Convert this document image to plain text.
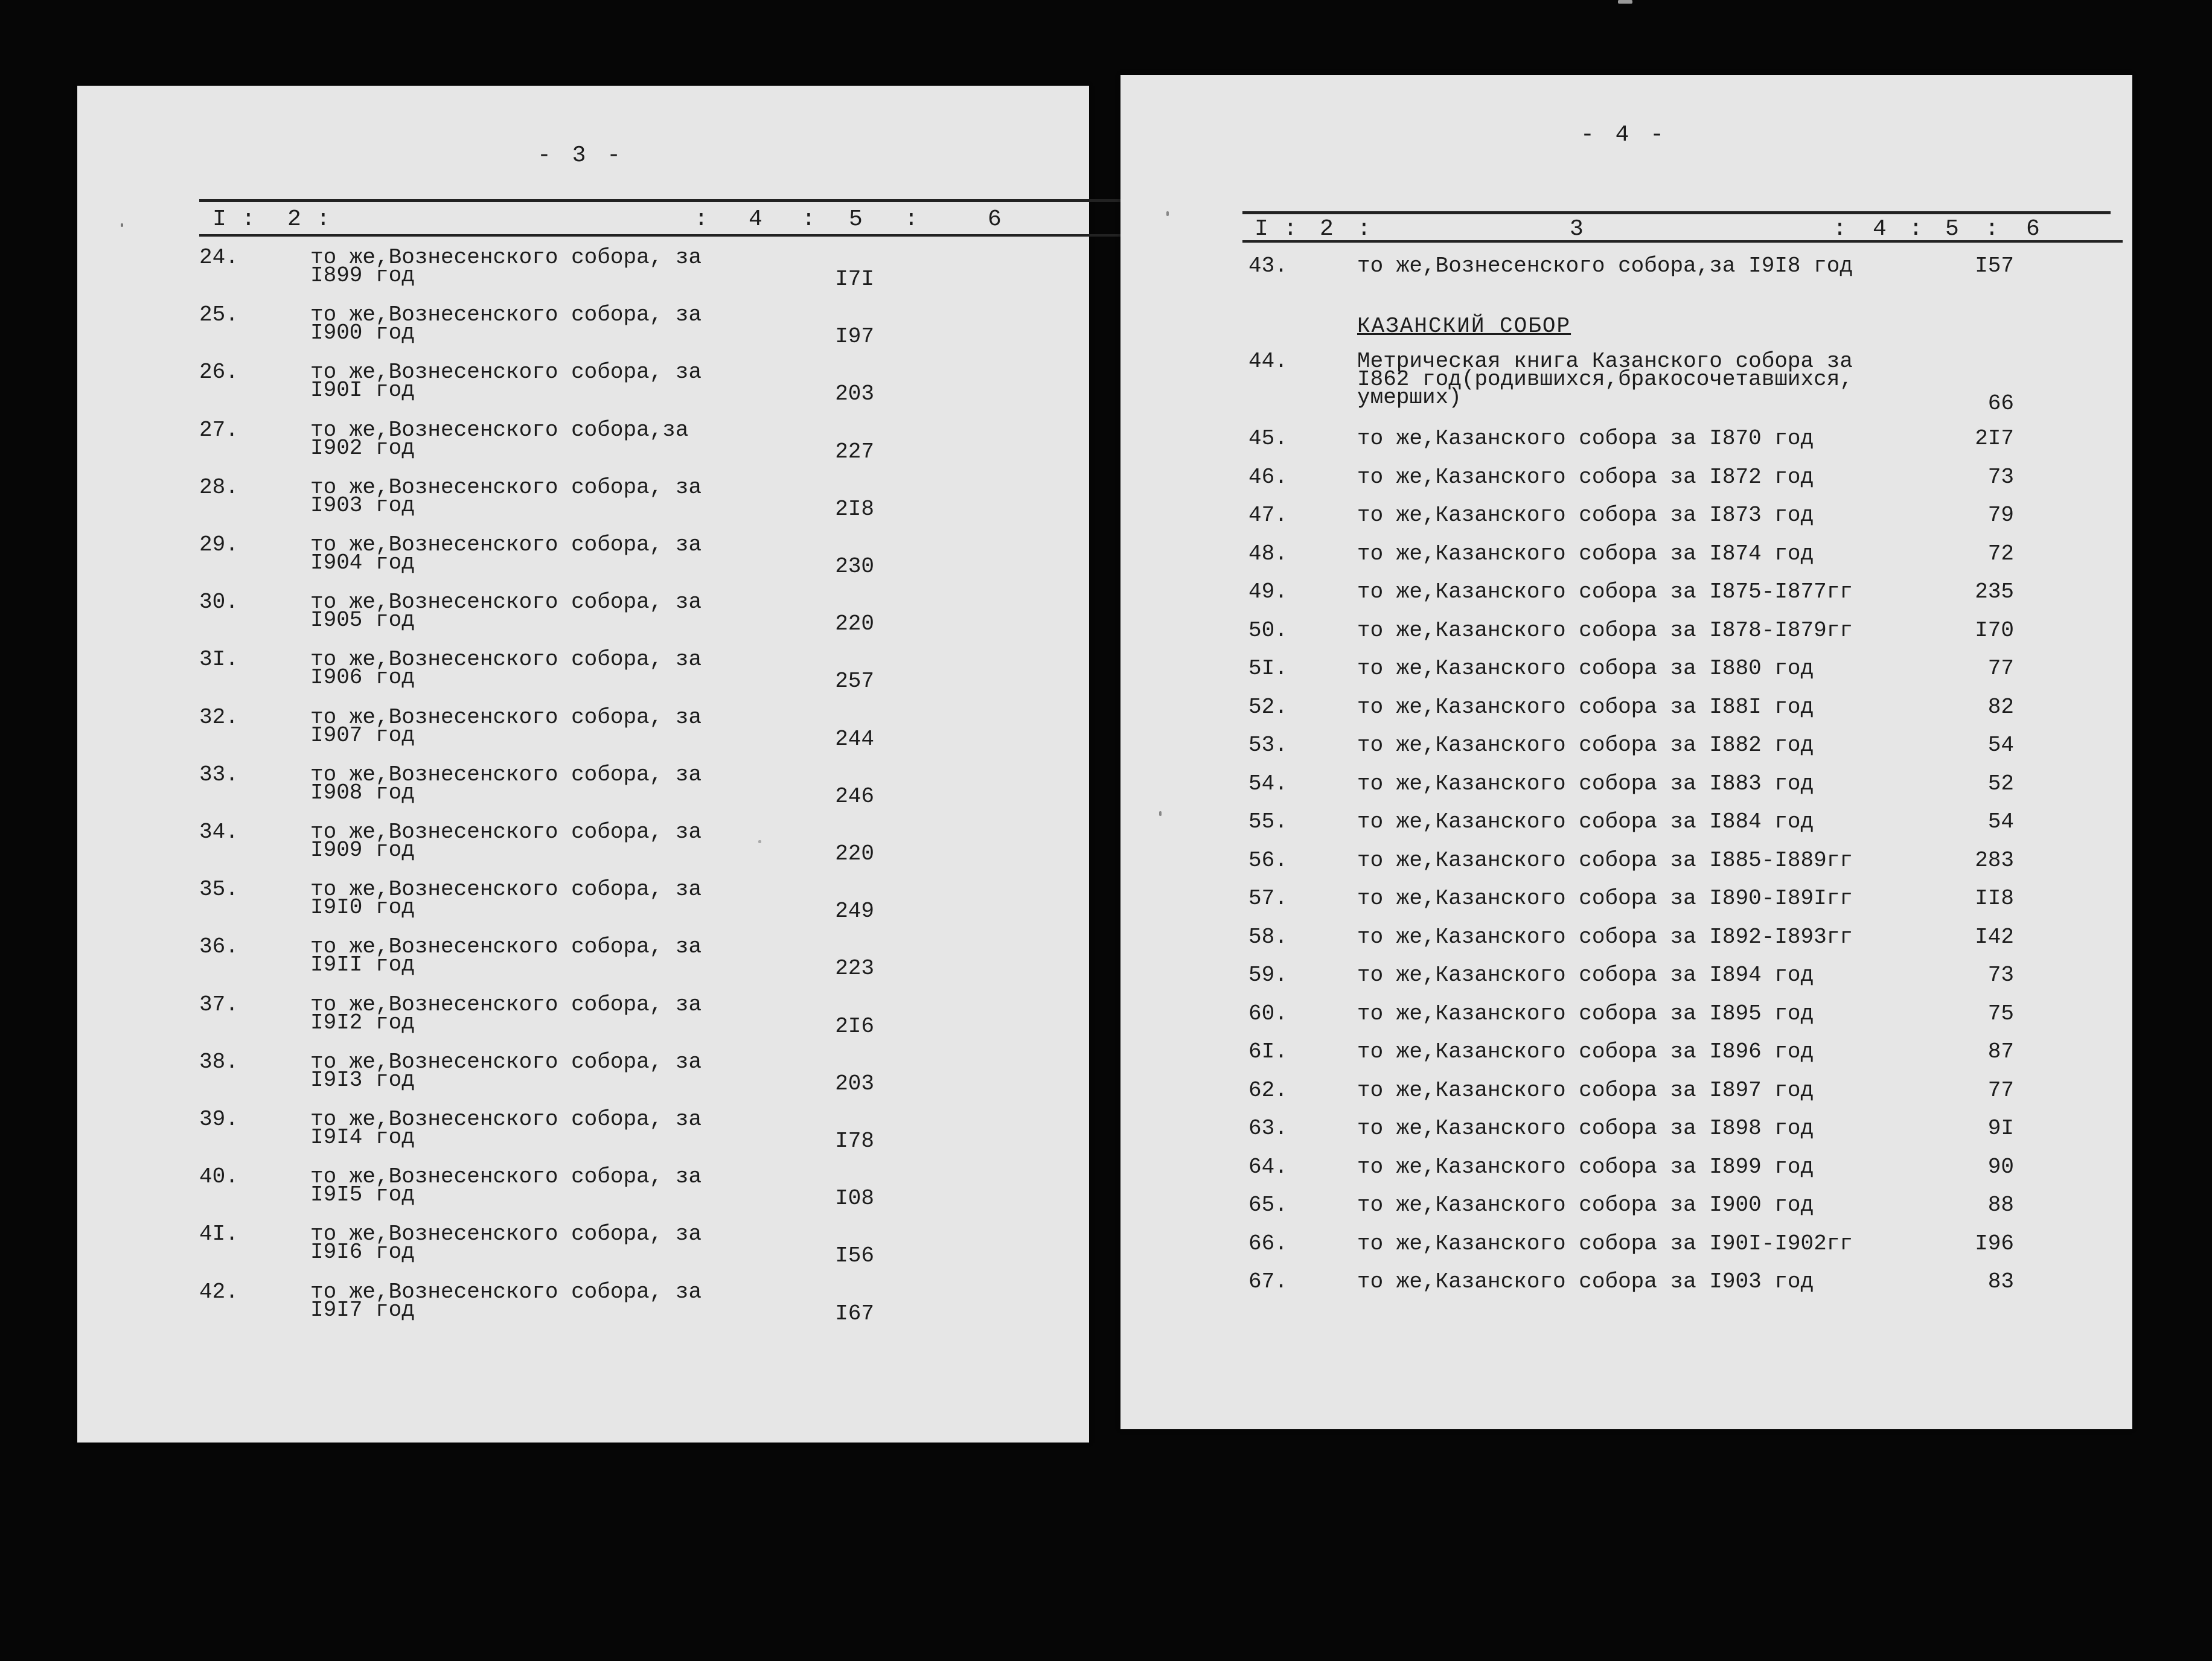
- 3 -
I : 2 :	: 4 : 5 :	6
24.	то же,Вознесенского собора, за
I899 год	I7I
25.	то же,Вознесенского собора, за
I900 год	I97
26.	то же,Вознесенского собора, за
I90I год	203
27.	то же,Вознесенского собора,за
I902 год	227
28.	то же,Вознесенского собора, за
I903 год	2I8
29.	то же,Вознесенского собора, за
I904 год	230
30.	то же,Вознесенского собора, за
I905 год	220
3I.	то же,Вознесенского собора, за
I906 год	257
32.	то же,Вознесенского собора, за
I907 год	244
33.	то же,Вознесенского собора, за
I908 год	246
34.	то же,Вознесенского собора, за
I909 год	220
35.	то же,Вознесенского собора, за
I9I0 год	249
36.	то же,Вознесенского собора, за
I9II год	223
37.	то же,Вознесенского собора, за
I9I2 год	2I6
38.	то же,Вознесенского собора, за
I9I3 год	203
39.	то же,Вознесенского собора, за
I9I4 год	I78
40.	то же,Вознесенского собора, за
I9I5 год	I08
4I.	то же,Вознесенского собора, за
I9I6 год	I56
42.	то же,Вознесенского собора, за
I9I7 год	I67
- 4 -
I : 2 :	3	: 4 : 5 : 6
43.	то же,Вознесенского собора,за I9I8 год	I57
КАЗАНСКИЙ СОБОР
44.	Метрическая книга Казанского собора за
I862 год(родившихся,бракосочетавшихся,
умерших)	66
45.	то же,Казанского собора за I870 год	2I7
46.	то же,Казанского собора за I872 год	73
47.	то же,Казанского собора за I873 год	79
48.	то же,Казанского собора за I874 год	72
49.	то же,Казанского собора за I875-I877гг	235
50.	то же,Казанского собора за I878-I879гг	I70
5I.	то же,Казанского собора за I880 год	77
52.	то же,Казанского собора за I88I год	82
53.	то же,Казанского собора за I882 год	54
54.	то же,Казанского собора за I883 год	52
55.	то же,Казанского собора за I884 год	54
56.	то же,Казанского собора за I885-I889гг	283
57.	то же,Казанского собора за I890-I89Iгг	II8
58.	то же,Казанского собора за I892-I893гг	I42
59.	то же,Казанского собора за I894 год	73
60.	то же,Казанского собора за I895 год	75
6I.	то же,Казанского собора за I896 год	87
62.	то же,Казанского собора за I897 год	77
63.	то же,Казанского собора за I898 год	9I
64.	то же,Казанского собора за I899 год	90
65.	то же,Казанского собора за I900 год	88
66.	то же,Казанского собора за I90I-I902гг	I96
67.	то же,Казанского собора за I903 год	83
